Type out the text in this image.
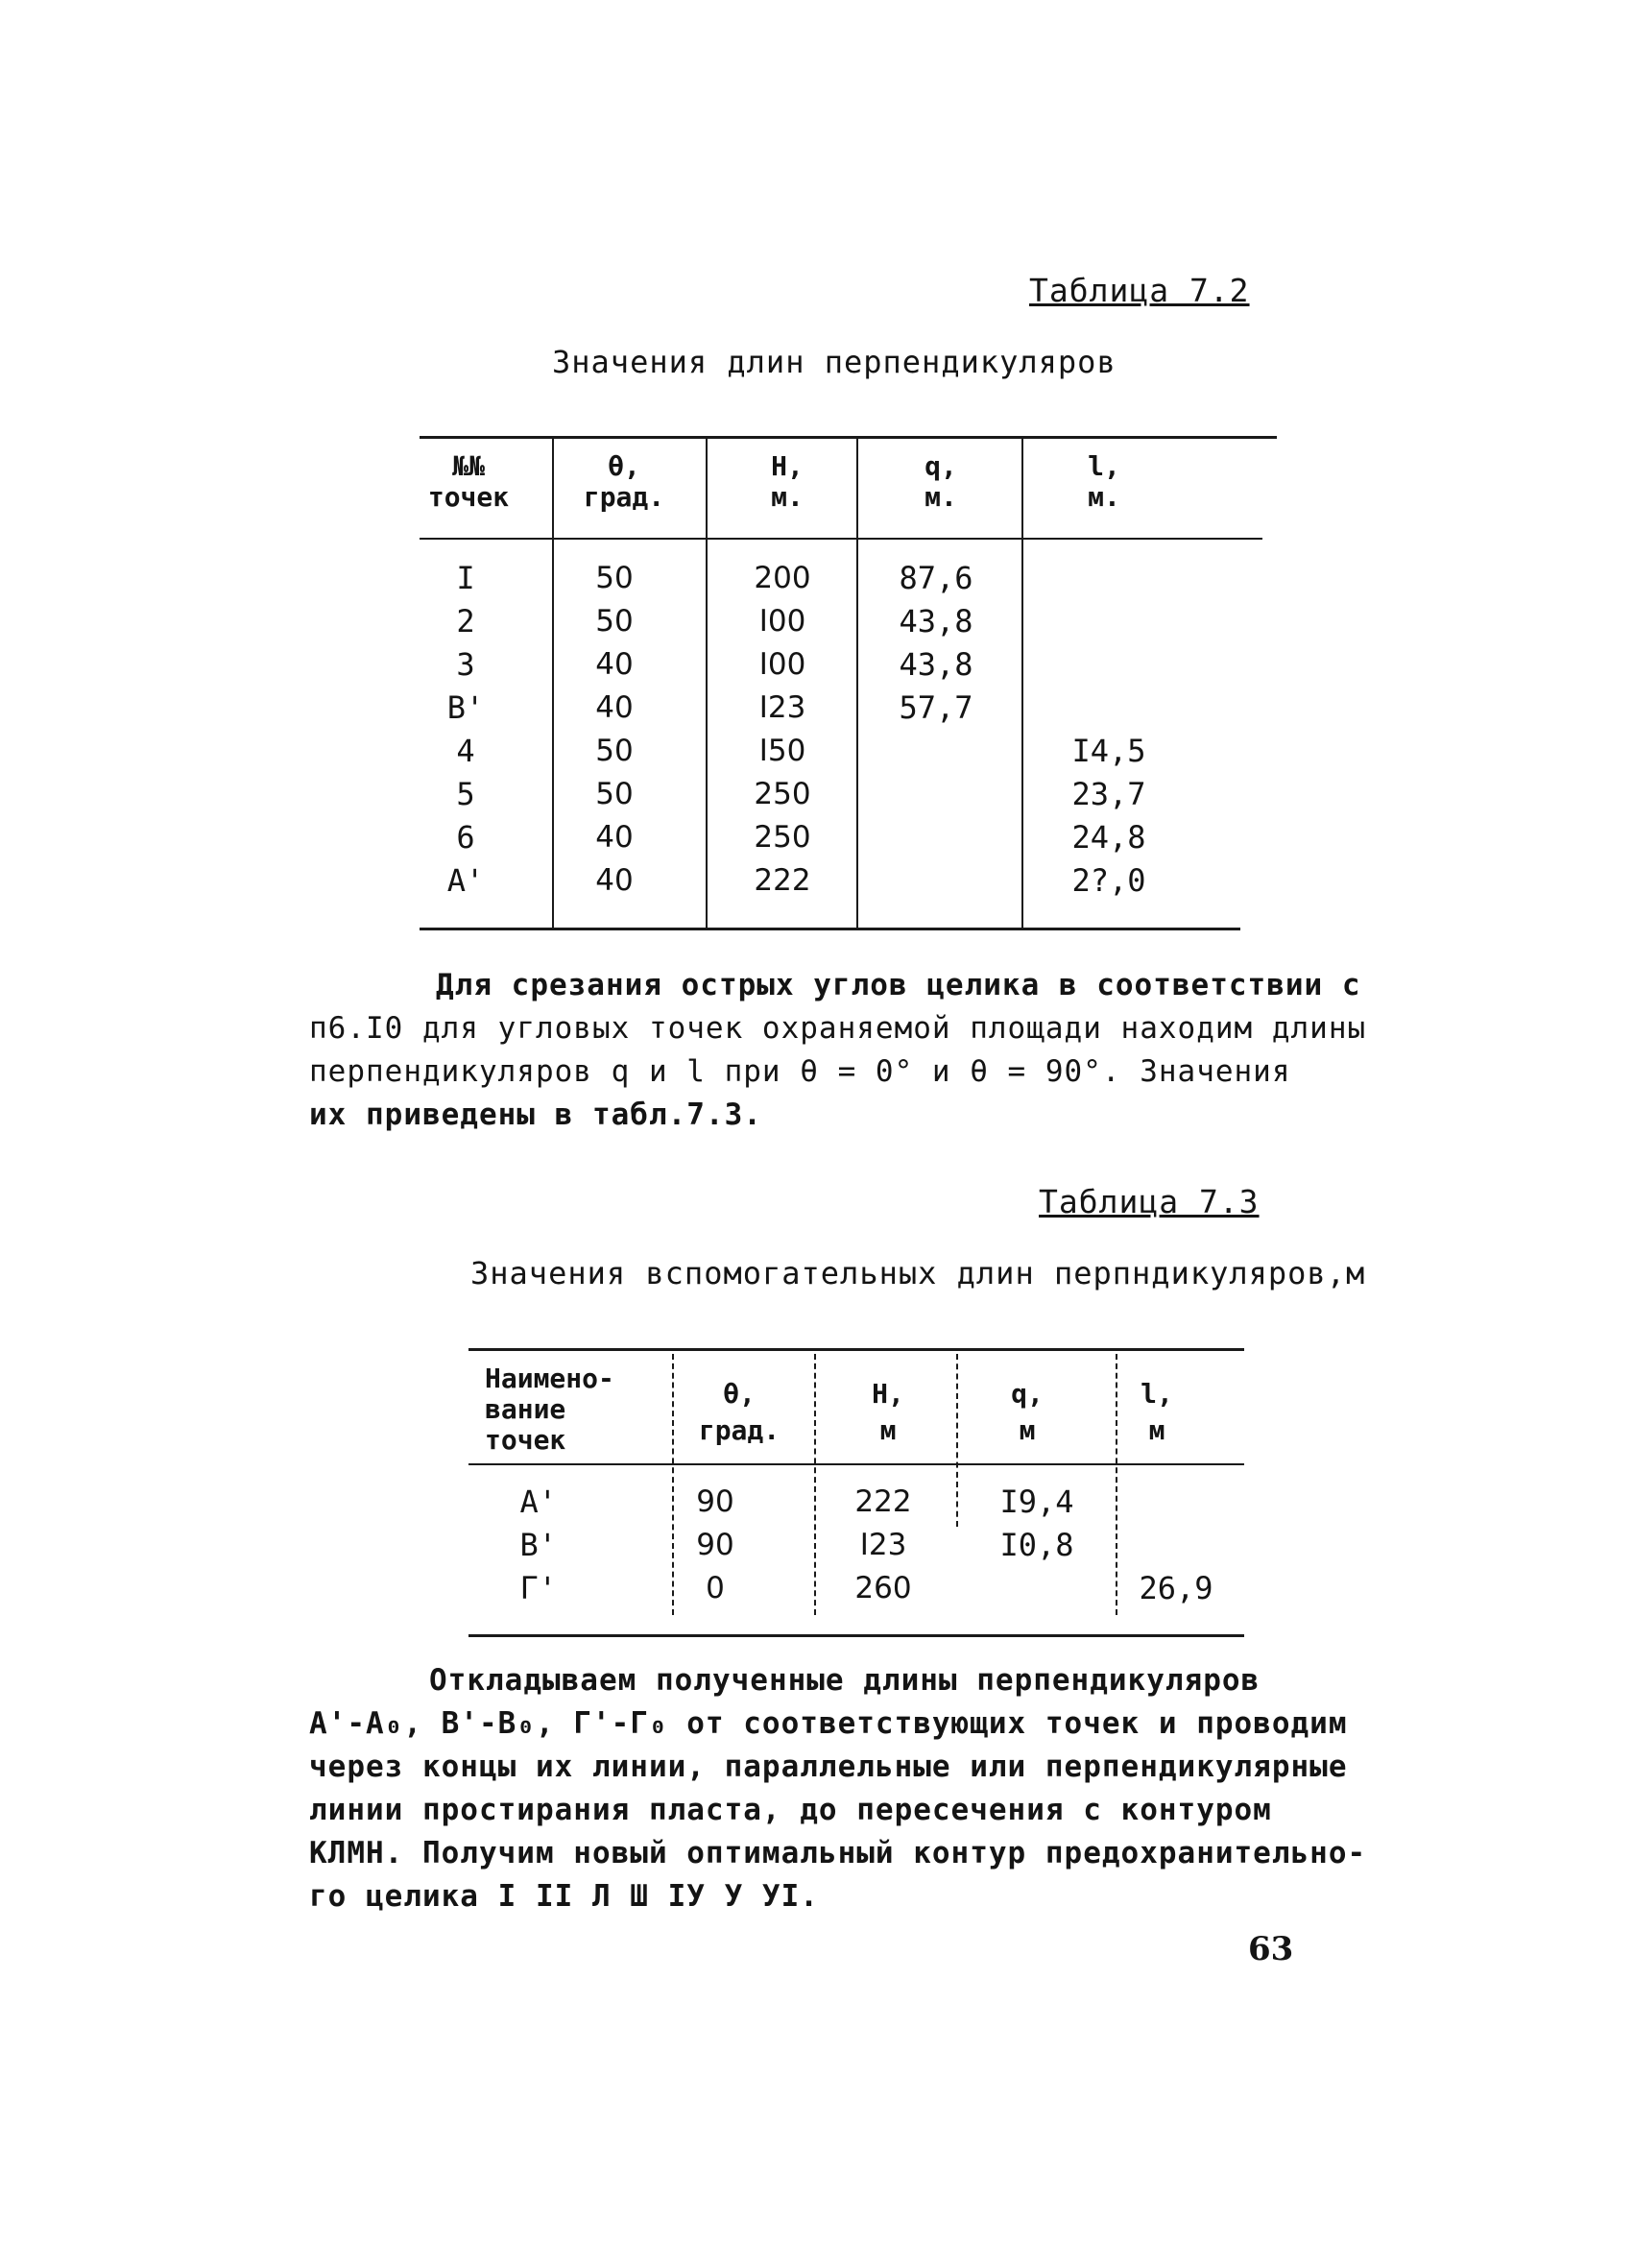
Таблица 7.2
Значения длин перпендикуляров
№№
точек
θ,
град.
Н,
м.
q,
м.
l,
м.
I
2
3
В'
4
5
6
А'
50
50
40
40
50
50
40
40
200
I00
I00
I23
I50
250
250
222
87,6
43,8
43,8
57,7
I4,5
23,7
24,8
2?,0

Для срезания острых углов целика в соответствии с

п6.I0 для угловых точек охраняемой площади находим длины

перпендикуляров q и l при θ = 0° и θ = 90°. Значения

их приведены в табл.7.3.

Таблица 7.3
Значения вспомогательных длин перпндикуляров,м
Наимено-
вание
точек
θ,
град.
Н,
м
q,
м
l,
м
А'
В'
Г'
90
90
0
222
I23
260
I9,4
I0,8
26,9

Откладываем полученные длины перпендикуляров

А'-А₀, В'-В₀, Г'-Г₀ от соответствующих точек и проводим

через концы их линии, параллельные или перпендикулярные

линии простирания пласта, до пересечения с контуром

КЛМН. Получим новый оптимальный контур предохранительно-

го целика I II Л Ш IУ У УI.

63
